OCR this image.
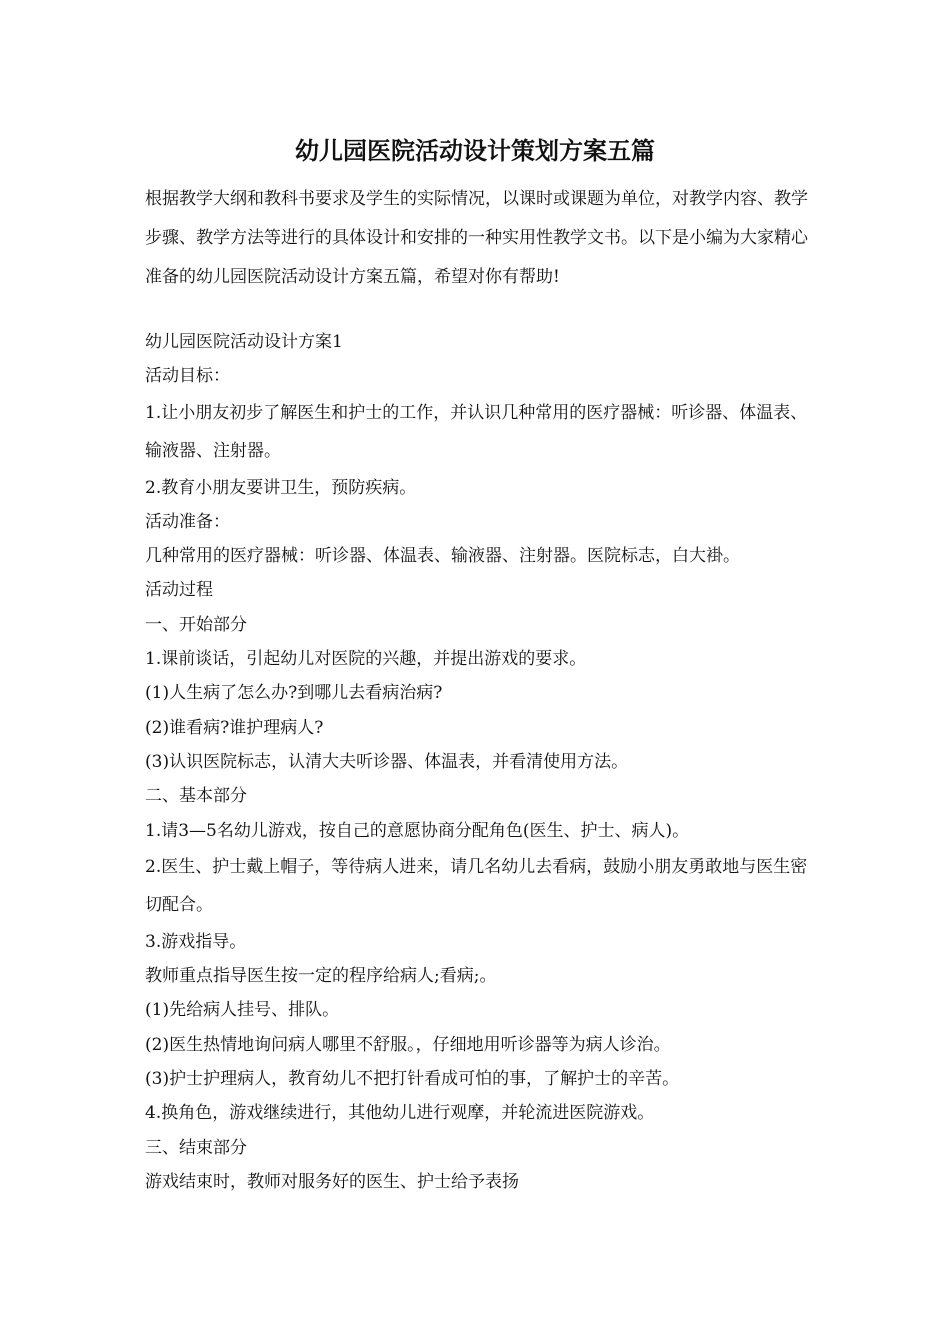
幼儿园医院活动设计策划方案五篇

根据教学大纲和教科书要求及学生的实际情况，以课时或课题为单位，对教学内容、教学步骤、教学方法等进行的具体设计和安排的一种实用性教学文书。以下是小编为大家精心准备的幼儿园医院活动设计方案五篇，希望对你有帮助!

幼儿园医院活动设计方案1
活动目标：
1.让小朋友初步了解医生和护士的工作，并认识几种常用的医疗器械：听诊器、体温表、输液器、注射器。
2.教育小朋友要讲卫生，预防疾病。
活动准备：
几种常用的医疗器械：听诊器、体温表、输液器、注射器。医院标志，白大褂。
活动过程
一、开始部分
1.课前谈话，引起幼儿对医院的兴趣，并提出游戏的要求。
(1)人生病了怎么办?到哪儿去看病治病?
(2)谁看病?谁护理病人?
(3)认识医院标志，认清大夫听诊器、体温表，并看清使用方法。
二、基本部分
1.请3—5名幼儿游戏，按自己的意愿协商分配角色(医生、护士、病人)。
2.医生、护士戴上帽子，等待病人进来，请几名幼儿去看病，鼓励小朋友勇敢地与医生密切配合。
3.游戏指导。
教师重点指导医生按一定的程序给病人;看病;。
(1)先给病人挂号、排队。
(2)医生热情地询问病人哪里不舒服。，仔细地用听诊器等为病人诊治。
(3)护士护理病人，教育幼儿不把打针看成可怕的事，了解护士的辛苦。
4.换角色，游戏继续进行，其他幼儿进行观摩，并轮流进医院游戏。
三、结束部分
游戏结束时，教师对服务好的医生、护士给予表扬
